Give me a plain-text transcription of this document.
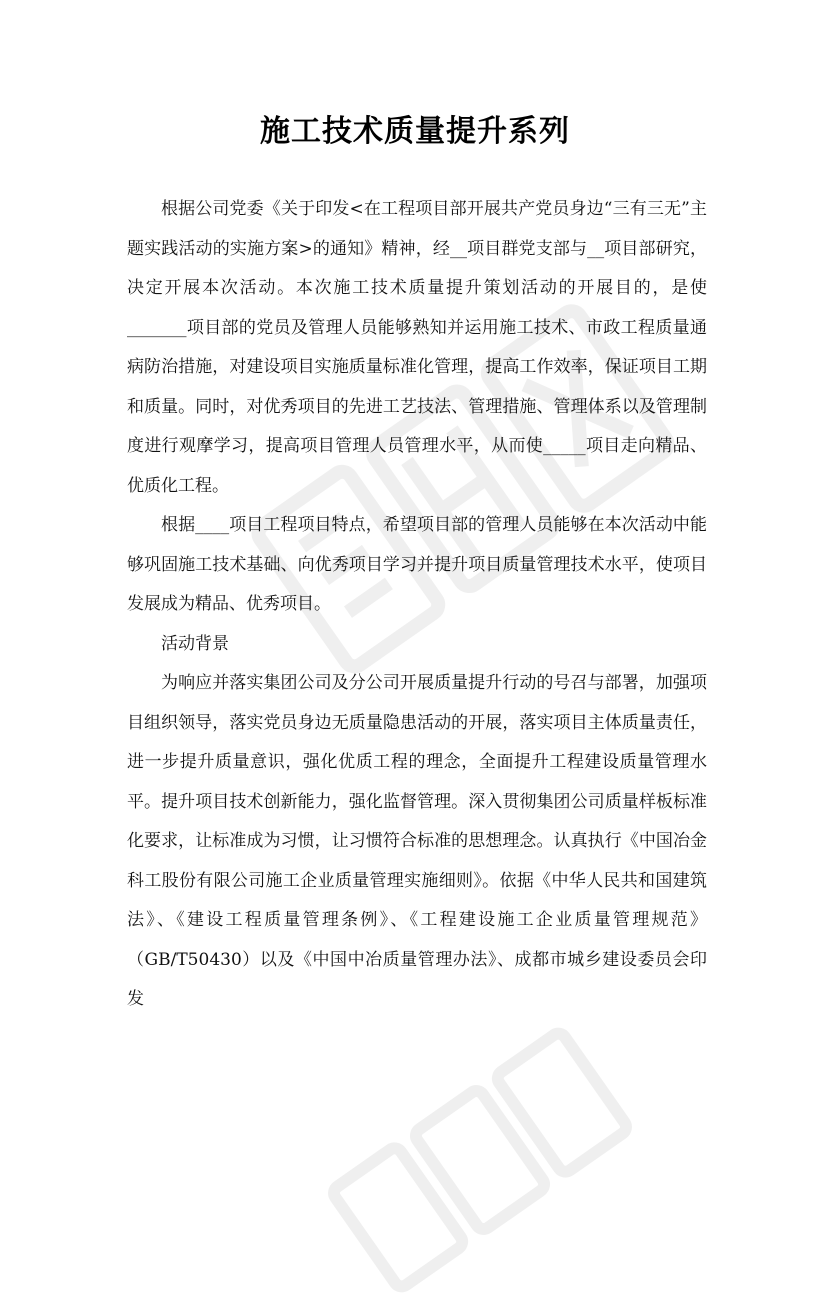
施工技术质量提升系列

根据公司党委《关于印发<在工程项目部开展共产党员身边“三有三无”主题实践活动的实施方案>的通知》精神，经__项目群党支部与__项目部研究，决定开展本次活动。本次施工技术质量提升策划活动的开展目的，是使_______项目部的党员及管理人员能够熟知并运用施工技术、市政工程质量通病防治措施，对建设项目实施质量标准化管理，提高工作效率，保证项目工期和质量。同时，对优秀项目的先进工艺技法、管理措施、管理体系以及管理制度进行观摩学习，提高项目管理人员管理水平，从而使_____项目走向精品、优质化工程。

根据____项目工程项目特点，希望项目部的管理人员能够在本次活动中能够巩固施工技术基础、向优秀项目学习并提升项目质量管理技术水平，使项目发展成为精品、优秀项目。

活动背景

为响应并落实集团公司及分公司开展质量提升行动的号召与部署，加强项目组织领导，落实党员身边无质量隐患活动的开展，落实项目主体质量责任，进一步提升质量意识，强化优质工程的理念，全面提升工程建设质量管理水平。提升项目技术创新能力，强化监督管理。深入贯彻集团公司质量样板标准化要求，让标准成为习惯，让习惯符合标准的思想理念。认真执行《中国冶金科工股份有限公司施工企业质量管理实施细则》。依据《中华人民共和国建筑法》、《建设工程质量管理条例》、《工程建设施工企业质量管理规范》（GB/T50430）以及《中国中冶质量管理办法》、成都市城乡建设委员会印发
